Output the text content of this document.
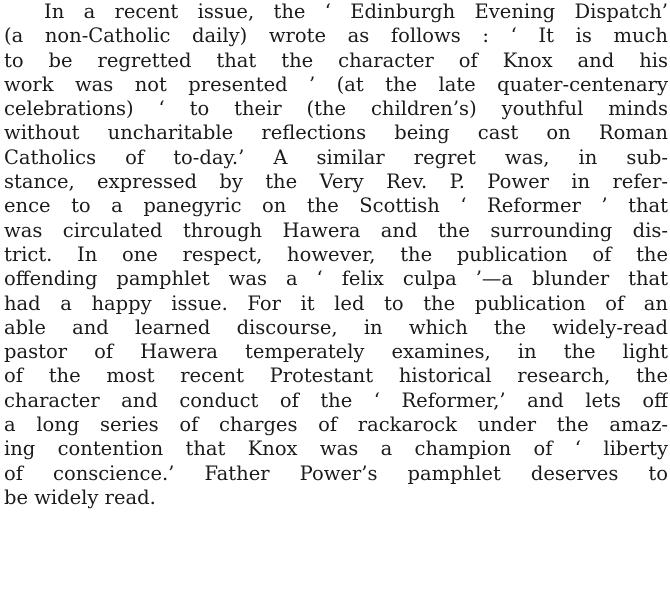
In a recent issue, the ‘ Edinburgh Evening Dispatch’
(a non-Catholic daily) wrote as follows : ‘ It is much
to be regretted that the character of Knox and his
work was not presented ’ (at the late quater-centenary
celebrations) ‘ to their (the children’s) youthful minds
without uncharitable reflections being cast on Roman
Catholics of to-day.’ A similar regret was, in sub-
stance, expressed by the Very Rev. P. Power in refer-
ence to a panegyric on the Scottish ‘ Reformer ’ that
was circulated through Hawera and the surrounding dis-
trict. In one respect, however, the publication of the
offending pamphlet was a ‘ felix culpa ’—a blunder that
had a happy issue. For it led to the publication of an
able and learned discourse, in which the widely-read
pastor of Hawera temperately examines, in the light
of the most recent Protestant historical research, the
character and conduct of the ‘ Reformer,’ and lets off
a long series of charges of rackarock under the amaz-
ing contention that Knox was a champion of ‘ liberty
of conscience.’ Father Power’s pamphlet deserves to
be widely read.
